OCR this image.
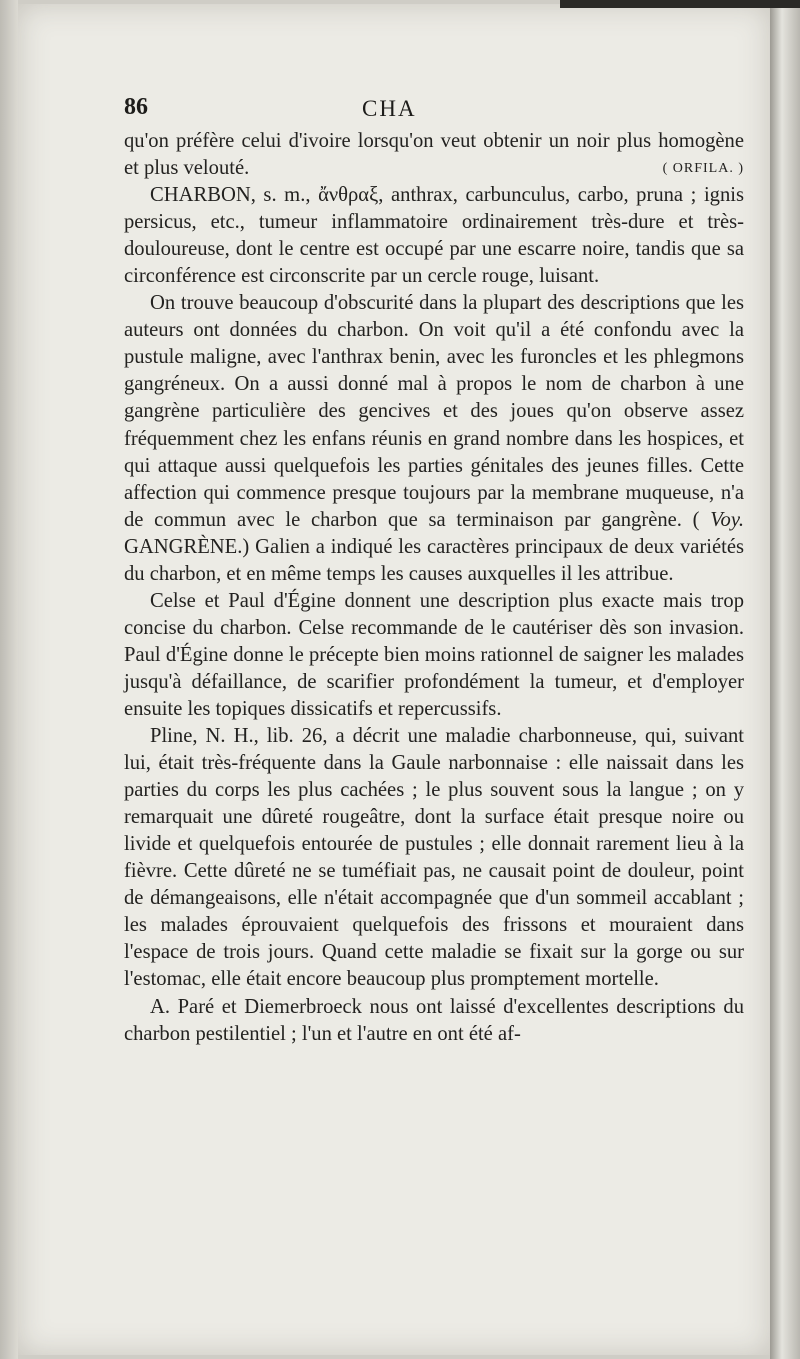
86	CHA

qu'on préfère celui d'ivoire lorsqu'on veut obtenir un noir plus homogène et plus velouté.	( ORFILA. )

CHARBON, s. m., ἄνθραξ, anthrax, carbunculus, carbo, pruna ; ignis persicus, etc., tumeur inflammatoire ordinairement très-dure et très-douloureuse, dont le centre est occupé par une escarre noire, tandis que sa circonférence est circonscrite par un cercle rouge, luisant.

On trouve beaucoup d'obscurité dans la plupart des descriptions que les auteurs ont données du charbon. On voit qu'il a été confondu avec la pustule maligne, avec l'anthrax benin, avec les furoncles et les phlegmons gangréneux. On a aussi donné mal à propos le nom de charbon à une gangrène particulière des gencives et des joues qu'on observe assez fréquemment chez les enfans réunis en grand nombre dans les hospices, et qui attaque aussi quelquefois les parties génitales des jeunes filles. Cette affection qui commence presque toujours par la membrane muqueuse, n'a de commun avec le charbon que sa terminaison par gangrène. ( Voy. GANGRÈNE.) Galien a indiqué les caractères principaux de deux variétés du charbon, et en même temps les causes auxquelles il les attribue.

Celse et Paul d'Égine donnent une description plus exacte mais trop concise du charbon. Celse recommande de le cautériser dès son invasion. Paul d'Égine donne le précepte bien moins rationnel de saigner les malades jusqu'à défaillance, de scarifier profondément la tumeur, et d'employer ensuite les topiques dissicatifs et repercussifs.

Pline, N. H., lib. 26, a décrit une maladie charbonneuse, qui, suivant lui, était très-fréquente dans la Gaule narbonnaise : elle naissait dans les parties du corps les plus cachées ; le plus souvent sous la langue ; on y remarquait une dûreté rougeâtre, dont la surface était presque noire ou livide et quelquefois entourée de pustules ; elle donnait rarement lieu à la fièvre. Cette dûreté ne se tuméfiait pas, ne causait point de douleur, point de démangeaisons, elle n'était accompagnée que d'un sommeil accablant ; les malades éprouvaient quelquefois des frissons et mouraient dans l'espace de trois jours. Quand cette maladie se fixait sur la gorge ou sur l'estomac, elle était encore beaucoup plus promptement mortelle.

A. Paré et Diemerbroeck nous ont laissé d'excellentes descriptions du charbon pestilentiel ; l'un et l'autre en ont été af-
